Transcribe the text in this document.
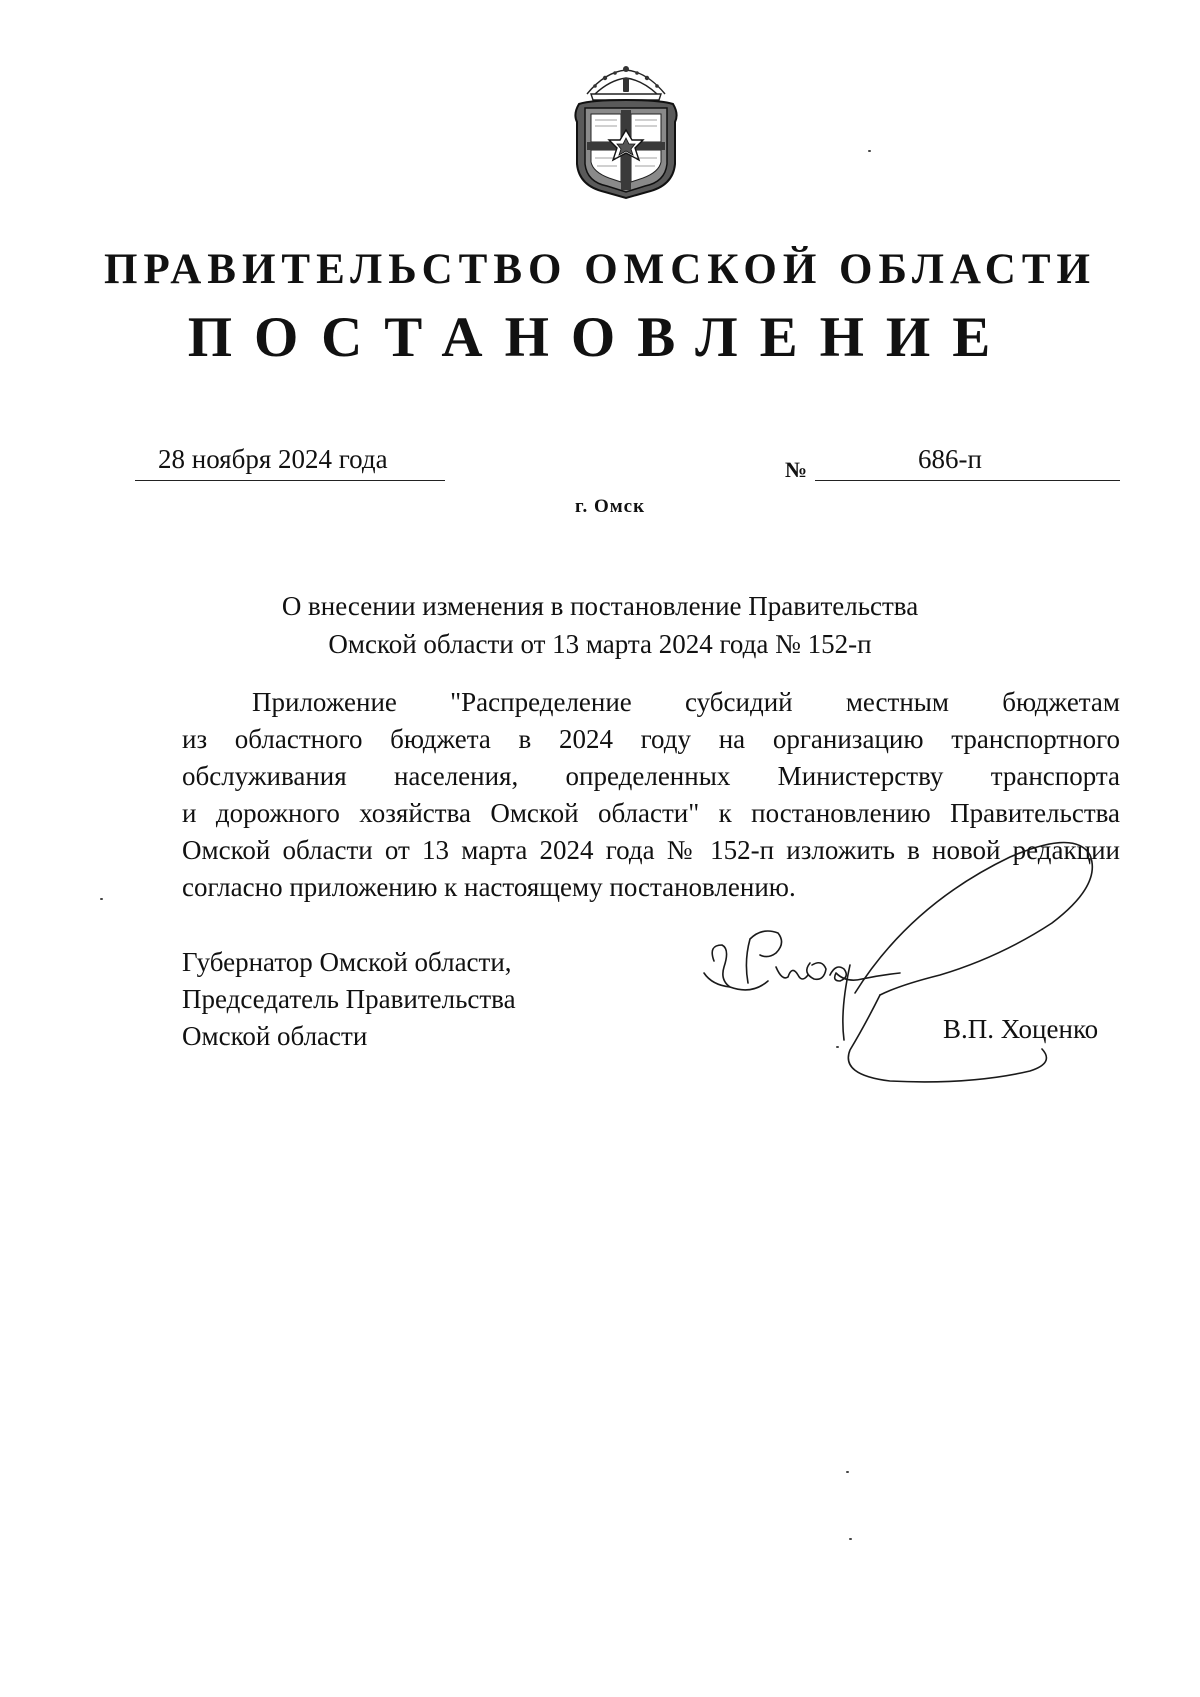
ПРАВИТЕЛЬСТВО ОМСКОЙ ОБЛАСТИ
ПОСТАНОВЛЕНИЕ
28 ноября 2024 года	№	686-п
г. Омск
О внесении изменения в постановление Правительства
Омской области от 13 марта 2024 года № 152-п
Приложение "Распределение субсидий местным бюджетам
из областного бюджета в 2024 году на организацию транспортного
обслуживания населения, определенных Министерству транспорта
и дорожного хозяйства Омской области" к постановлению Правительства
Омской области от 13 марта 2024 года № 152-п изложить в новой редакции
согласно приложению к настоящему постановлению.
Губернатор Омской области,
Председатель Правительства
Омской области	В.П. Хоценко
